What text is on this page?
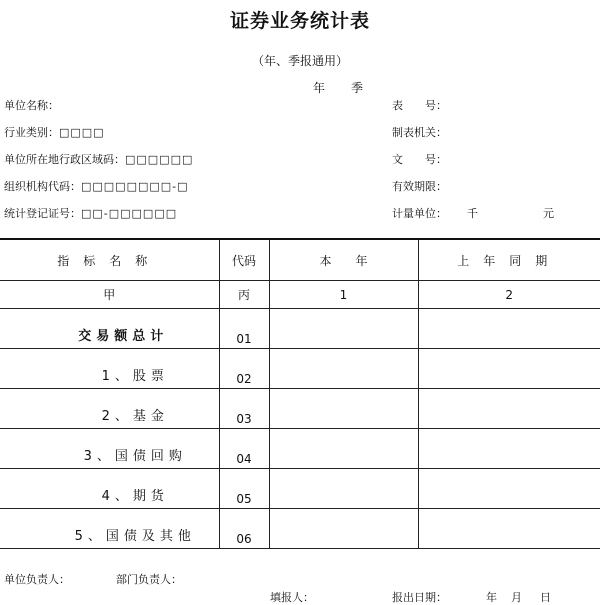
证券业务统计表
（年、季报通用）
年 季
单位名称：
行业类别：□□□□
单位所在地行政区域码：□□□□□□
组织机构代码：□□□□□□□□-□
统计登记证号：□□-□□□□□□
表　　号：
制表机关：
文　　号：
有效期限：
计量单位： 千	元
指标名称	代码	本　　年	上年同期
甲	丙	1	2
交易额总计	01		
1、股票	02		
2、基金	03		
3、国债回购	04		
4、期货	05		
5、国债及其他	06		
单位负责人：	部门负责人：
填报人：	报出日期：	年 月 日
